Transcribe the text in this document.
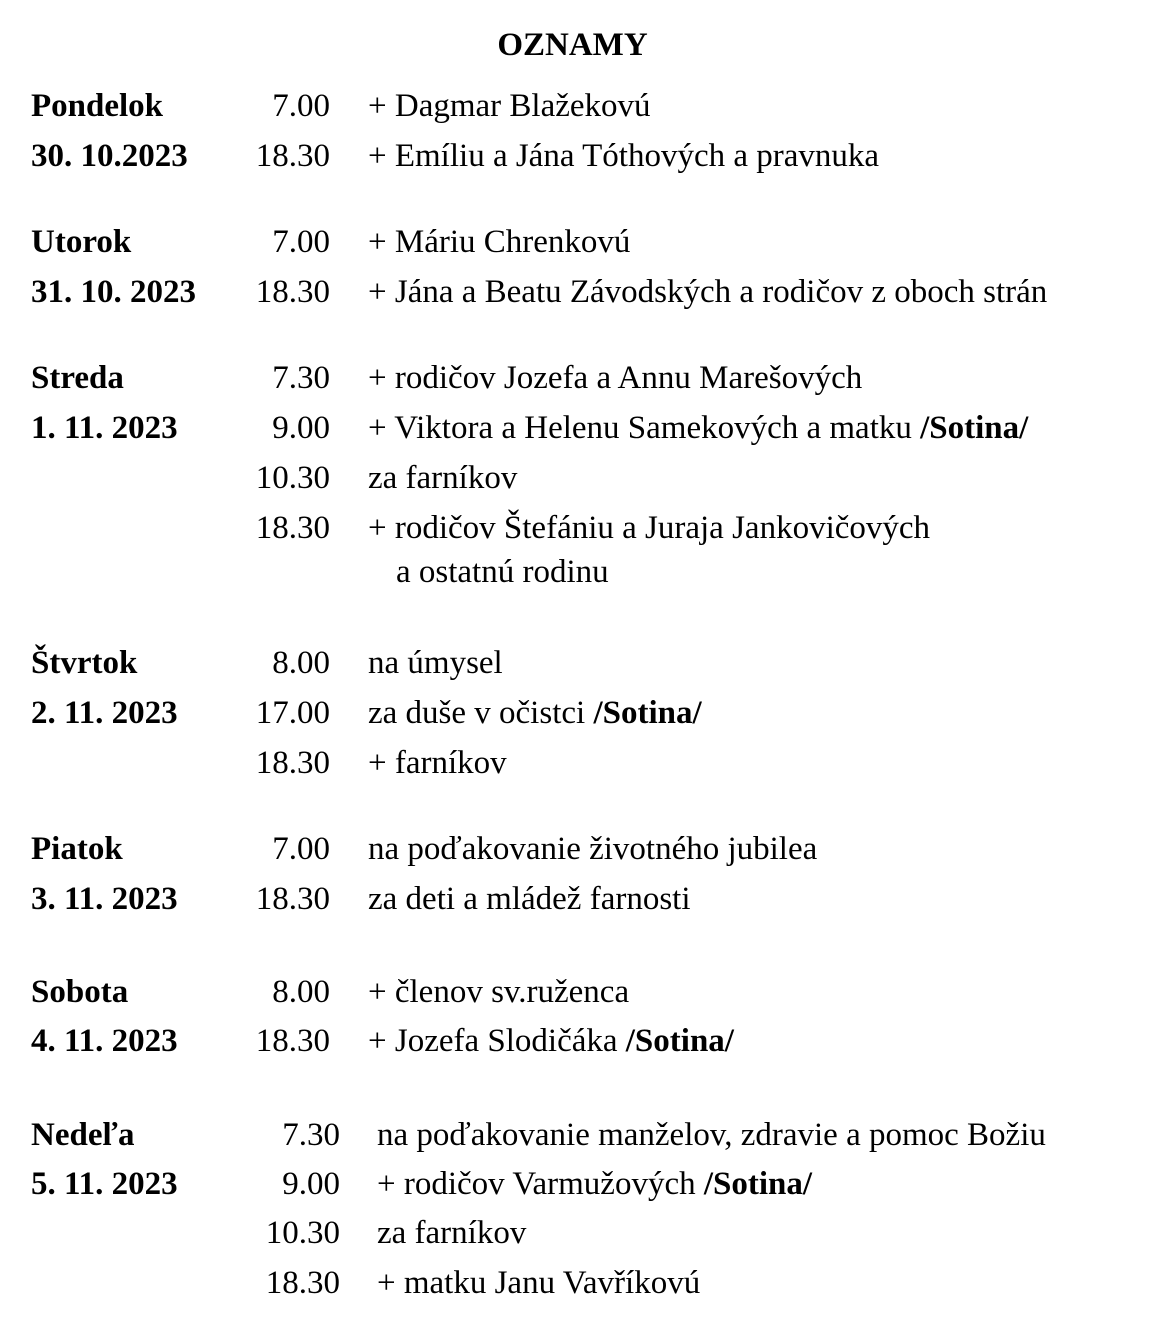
OZNAMY
Pondelok	7.00 + Dagmar Blažekovú
30. 10.2023	18.30 + Emíliu a Jána Tóthových a pravnuka
Utorok	7.00 + Máriu Chrenkovú
31. 10. 2023	18.30 + Jána a Beatu Závodských a rodičov z oboch strán
Streda	7.30 + rodičov Jozefa a Annu Marešových
1. 11. 2023	9.00 + Viktora a Helenu Samekových a matku /Sotina/
10.30 za farníkov
18.30 + rodičov Štefániu a Juraja Jankovičových
a ostatnú rodinu
Štvrtok	8.00 na úmysel
2. 11. 2023	17.00 za duše v očistci /Sotina/
18.30 + farníkov
Piatok	7.00 na poďakovanie životného jubilea
3. 11. 2023	18.30 za deti a mládež farnosti
Sobota	8.00 + členov sv.ruženca
4. 11. 2023	18.30 + Jozefa Slodičáka /Sotina/
Nedeľa	7.30 na poďakovanie manželov, zdravie a pomoc Božiu
5. 11. 2023	9.00 + rodičov Varmužových /Sotina/
10.30 za farníkov
18.30 + matku Janu Vavříkovú
